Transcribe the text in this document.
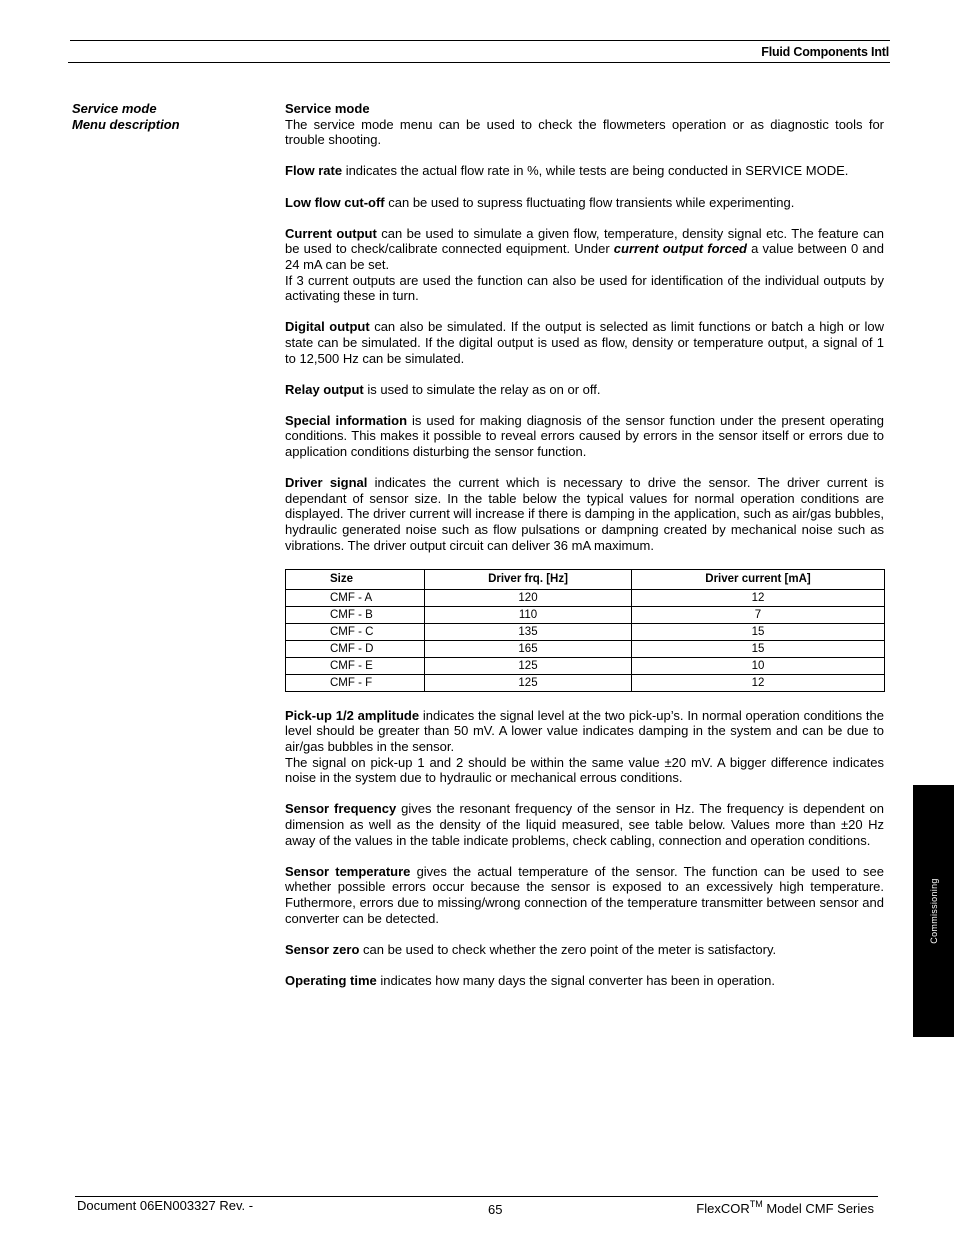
Fluid Components Intl
Service mode
Menu description

Service mode
The service mode menu can be used to check the flowmeters operation or as diagnostic tools for trouble shooting.

Flow rate indicates the actual flow rate in %, while tests are being conducted in SERVICE MODE.

Low flow cut-off can be used to supress fluctuating flow transients while experimenting.

Current output can be used to simulate a given flow, temperature, density signal etc. The feature can be used to check/calibrate connected equipment. Under current output forced a value between 0 and 24 mA can be set.
If 3 current outputs are used the function can also be used for identification of the individual outputs by activating these in turn.

Digital output can also be simulated. If the output is selected as limit functions or batch a high or low state can be simulated. If the digital output is used as flow, density or temperature output, a signal of 1 to 12,500 Hz can be simulated.

Relay output is used to simulate the relay as on or off.

Special information is used for making diagnosis of the sensor function under the present operating conditions. This makes it possible to reveal errors caused by errors in the sensor itself or errors due to application conditions disturbing the sensor function.

Driver signal indicates the current which is necessary to drive the sensor. The driver current is dependant of sensor size. In the table below the typical values for normal operation conditions are displayed. The driver current will increase if there is damping in the application, such as air/gas bubbles, hydraulic generated noise such as flow pulsations or dampning created by mechanical noise such as vibrations. The driver output circuit can deliver 36 mA maximum.

Size	Driver frq. [Hz]	Driver current [mA]
CMF - A	120	12
CMF - B	110	7
CMF - C	135	15
CMF - D	165	15
CMF - E	125	10
CMF - F	125	12

Pick-up 1/2 amplitude indicates the signal level at the two pick-up’s. In normal operation conditions the level should be greater than 50 mV. A lower value indicates damping in the system and can be due to air/gas bubbles in the sensor.
The signal on pick-up 1 and 2 should be within the same value ±20 mV. A bigger difference indicates noise in the system due to hydraulic or mechanical errous conditions.

Sensor frequency gives the resonant frequency of the sensor in Hz. The frequency is dependent on dimension as well as the density of the liquid measured, see table below. Values more than ±20 Hz away of the values in the table indicate problems, check cabling, connection and operation conditions.

Sensor temperature gives the actual temperature of the sensor. The function can be used to see whether possible errors occur because the sensor is exposed to an excessively high temperature. Futhermore, errors due to missing/wrong connection of the temperature transmitter between sensor and converter can be detected.

Sensor zero can be used to check whether the zero point of the meter is satisfactory.

Operating time indicates how many days the signal converter has been in operation.

Commissioning
Document 06EN003327 Rev. -	65	FlexCOR™ Model CMF Series
